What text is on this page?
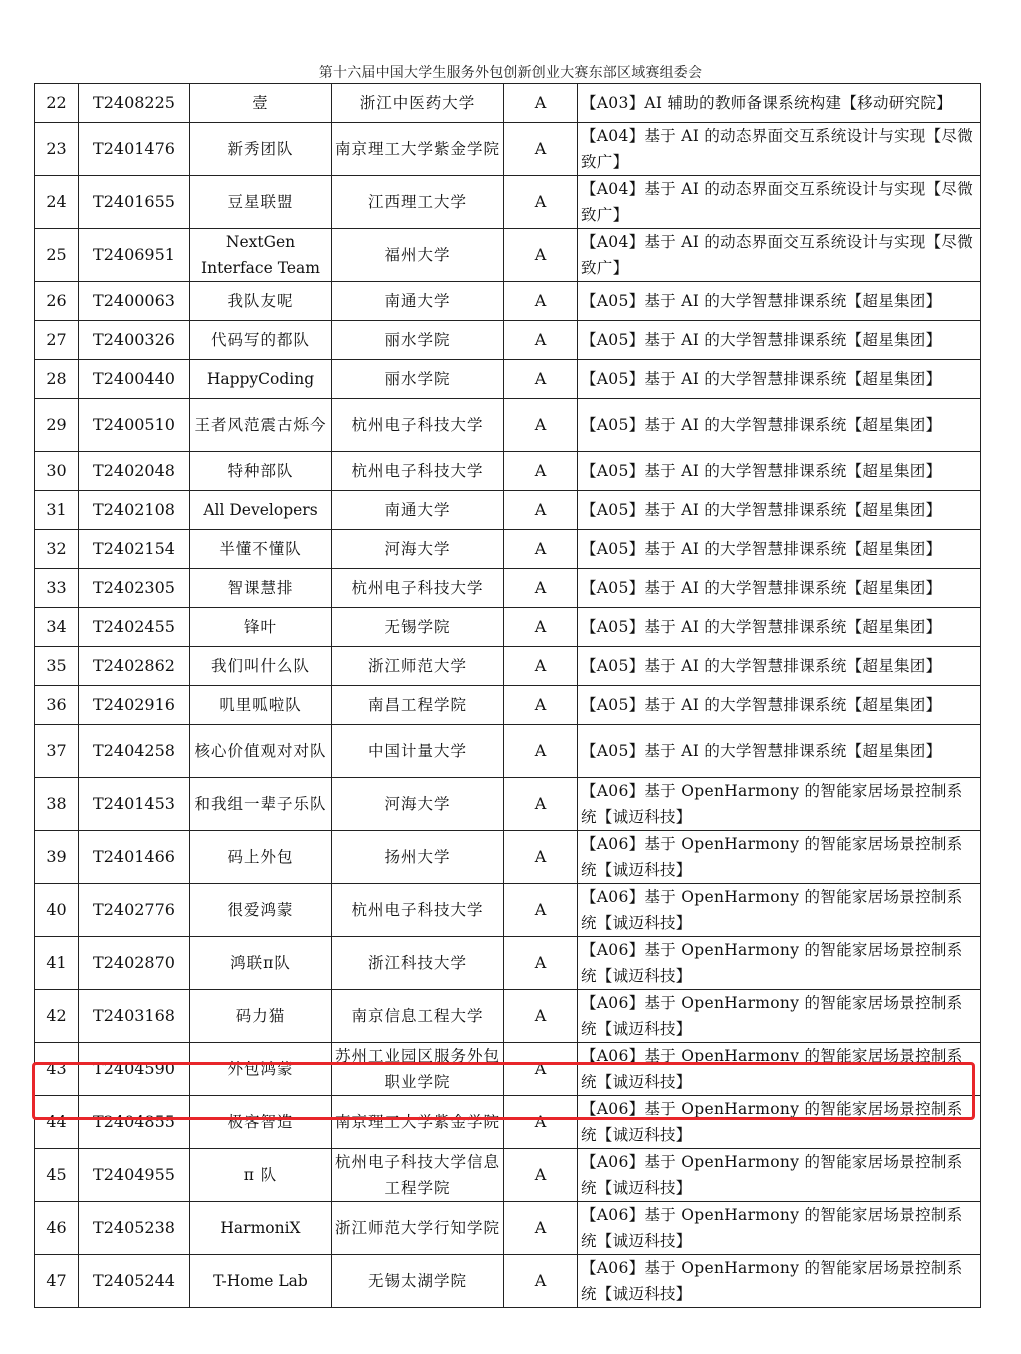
第十六届中国大学生服务外包创新创业大赛东部区域赛组委会
22	T2408225	壹	浙江中医药大学	A	【A03】AI 辅助的教师备课系统构建【移动研究院】
23	T2401476	新秀团队	南京理工大学紫金学院	A	【A04】基于 AI 的动态界面交互系统设计与实现【尽微致广】
24	T2401655	豆星联盟	江西理工大学	A	【A04】基于 AI 的动态界面交互系统设计与实现【尽微致广】
25	T2406951	NextGen Interface Team	福州大学	A	【A04】基于 AI 的动态界面交互系统设计与实现【尽微致广】
26	T2400063	我队友呢	南通大学	A	【A05】基于 AI 的大学智慧排课系统【超星集团】
27	T2400326	代码写的都队	丽水学院	A	【A05】基于 AI 的大学智慧排课系统【超星集团】
28	T2400440	HappyCoding	丽水学院	A	【A05】基于 AI 的大学智慧排课系统【超星集团】
29	T2400510	王者风范震古烁今	杭州电子科技大学	A	【A05】基于 AI 的大学智慧排课系统【超星集团】
30	T2402048	特种部队	杭州电子科技大学	A	【A05】基于 AI 的大学智慧排课系统【超星集团】
31	T2402108	All Developers	南通大学	A	【A05】基于 AI 的大学智慧排课系统【超星集团】
32	T2402154	半懂不懂队	河海大学	A	【A05】基于 AI 的大学智慧排课系统【超星集团】
33	T2402305	智课慧排	杭州电子科技大学	A	【A05】基于 AI 的大学智慧排课系统【超星集团】
34	T2402455	锋叶	无锡学院	A	【A05】基于 AI 的大学智慧排课系统【超星集团】
35	T2402862	我们叫什么队	浙江师范大学	A	【A05】基于 AI 的大学智慧排课系统【超星集团】
36	T2402916	叽里呱啦队	南昌工程学院	A	【A05】基于 AI 的大学智慧排课系统【超星集团】
37	T2404258	核心价值观对对队	中国计量大学	A	【A05】基于 AI 的大学智慧排课系统【超星集团】
38	T2401453	和我组一辈子乐队	河海大学	A	【A06】基于 OpenHarmony 的智能家居场景控制系统【诚迈科技】
39	T2401466	码上外包	扬州大学	A	【A06】基于 OpenHarmony 的智能家居场景控制系统【诚迈科技】
40	T2402776	很爱鸿蒙	杭州电子科技大学	A	【A06】基于 OpenHarmony 的智能家居场景控制系统【诚迈科技】
41	T2402870	鸿联π队	浙江科技大学	A	【A06】基于 OpenHarmony 的智能家居场景控制系统【诚迈科技】
42	T2403168	码力猫	南京信息工程大学	A	【A06】基于 OpenHarmony 的智能家居场景控制系统【诚迈科技】
43	T2404590	外包鸿蒙	苏州工业园区服务外包职业学院	A	【A06】基于 OpenHarmony 的智能家居场景控制系统【诚迈科技】
44	T2404855	极客智造	南京理工大学紫金学院	A	【A06】基于 OpenHarmony 的智能家居场景控制系统【诚迈科技】
45	T2404955	π 队	杭州电子科技大学信息工程学院	A	【A06】基于 OpenHarmony 的智能家居场景控制系统【诚迈科技】
46	T2405238	HarmoniX	浙江师范大学行知学院	A	【A06】基于 OpenHarmony 的智能家居场景控制系统【诚迈科技】
47	T2405244	T-Home Lab	无锡太湖学院	A	【A06】基于 OpenHarmony 的智能家居场景控制系统【诚迈科技】
